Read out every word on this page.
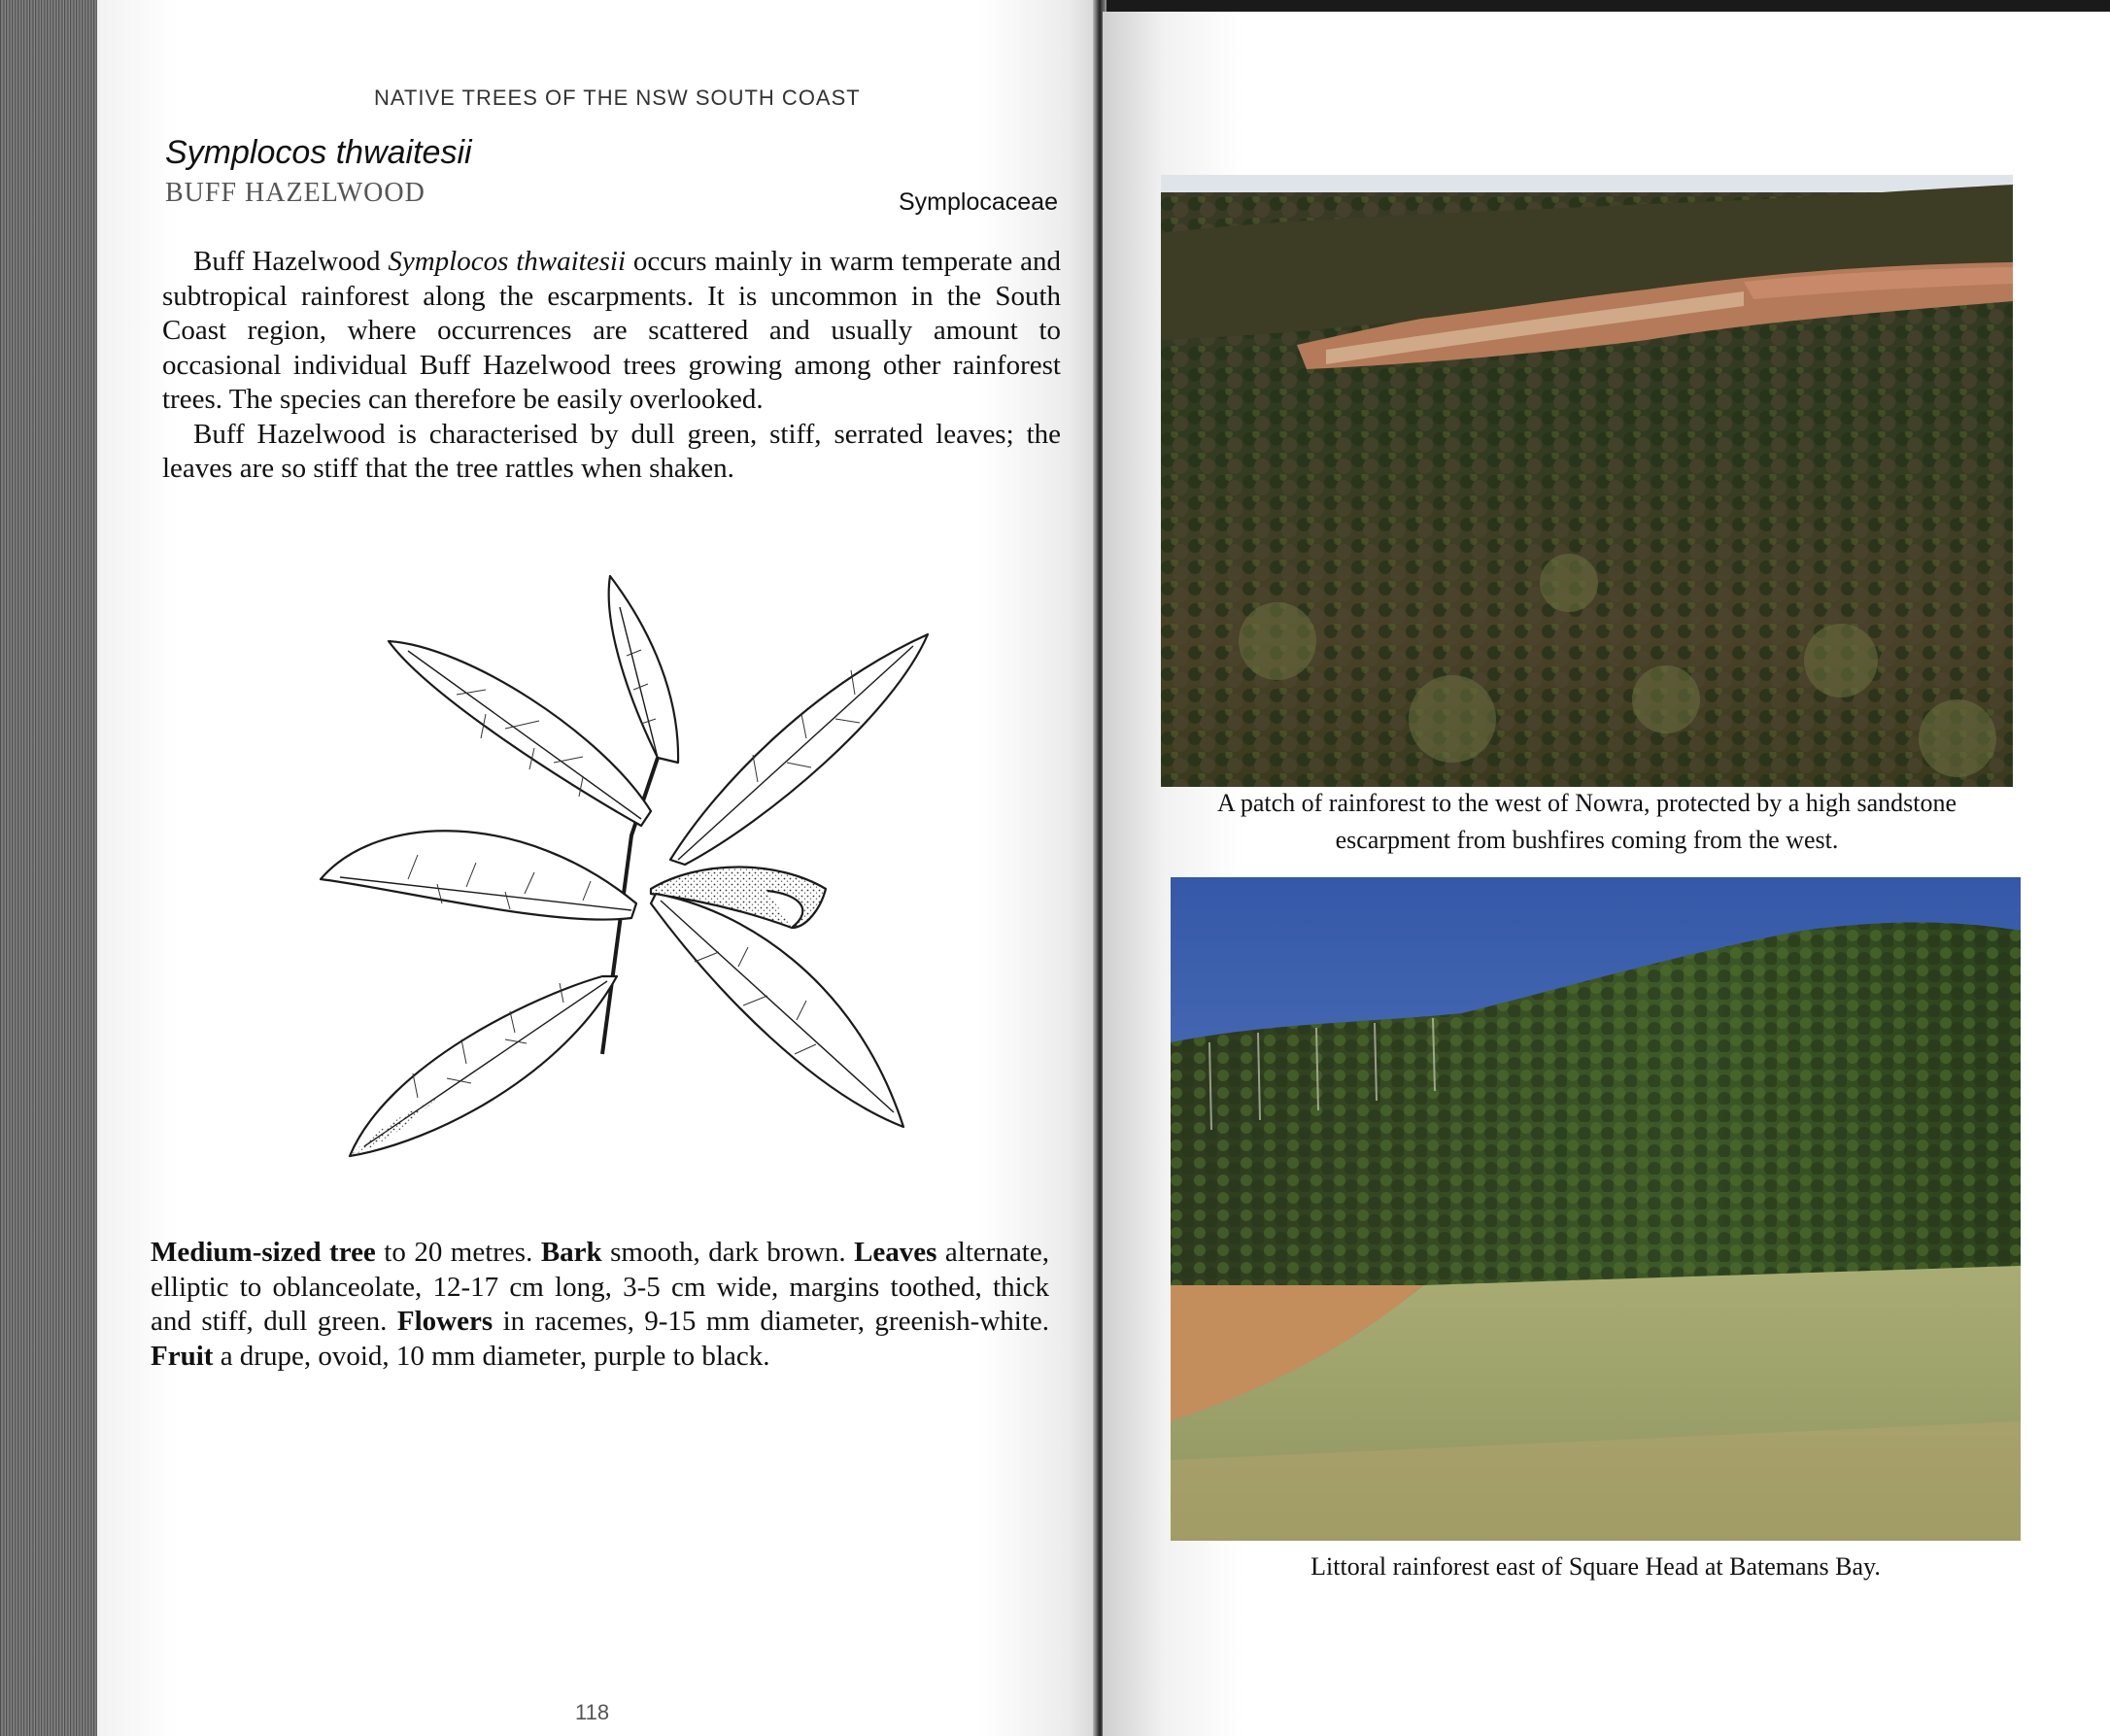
NATIVE TREES OF THE NSW SOUTH COAST
Symplocos thwaitesii
BUFF HAZELWOOD	Symplocaceae

Buff Hazelwood Symplocos thwaitesii occurs mainly in warm temperate and subtropical rainforest along the escarpments. It is uncommon in the South Coast region, where occurrences are scattered and usually amount to occasional individual Buff Hazelwood trees growing among other rainforest trees. The species can therefore be easily overlooked.

Buff Hazelwood is characterised by dull green, stiff, serrated leaves; the leaves are so stiff that the tree rattles when shaken.

Medium-sized tree to 20 metres. Bark smooth, dark brown. Leaves alternate, elliptic to oblanceolate, 12-17 cm long, 3-5 cm wide, margins toothed, thick and stiff, dull green. Flowers in racemes, 9-15 mm diameter, greenish-white. Fruit a drupe, ovoid, 10 mm diameter, purple to black.
118
A patch of rainforest to the west of Nowra, protected by a high sandstone escarpment from bushfires coming from the west.
Littoral rainforest east of Square Head at Batemans Bay.
